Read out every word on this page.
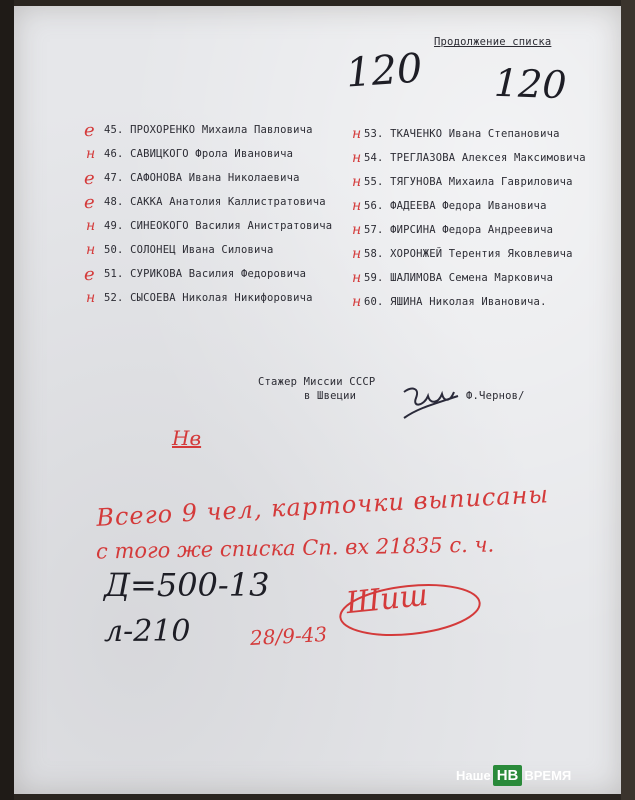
Продолжение списка
120 120
e 45. ПРОХОРЕНКО Михаила Павловича
н 46. САВИЦКОГО Фрола Ивановича
e 47. САФОНОВА Ивана Николаевича
e 48. САККА Анатолия Каллистратовича
н 49. СИНЕОКОГО Василия Анистратовича
н 50. СОЛОНЕЦ Ивана Силовича
e 51. СУРИКОВА Василия Федоровича
н 52. СЫСОЕВА Николая Никифоровича
н 53. ТКАЧЕНКО Ивана Степановича
н 54. ТРЕГЛАЗОВА Алексея Максимовича
н 55. ТЯГУНОВА Михаила Гавриловича
н 56. ФАДЕЕВА Федора Ивановича
н 57. ФИРСИНА Федора Андреевича
н 58. ХОРОНЖЕЙ Терентия Яковлевича
н 59. ШАЛИМОВА Семена Марковича
н 60. ЯШИНА Николая Ивановича.
Стажер Миссии СССР
в Швеции	Ф.Чернов/
Нв
Всего 9 чел, карточки выписаны
с того же списка Сп. вх 21835 с. ч.
Д=500-13
л-210	28/9-43
Шиш
Наше НВ ВРЕМЯ
